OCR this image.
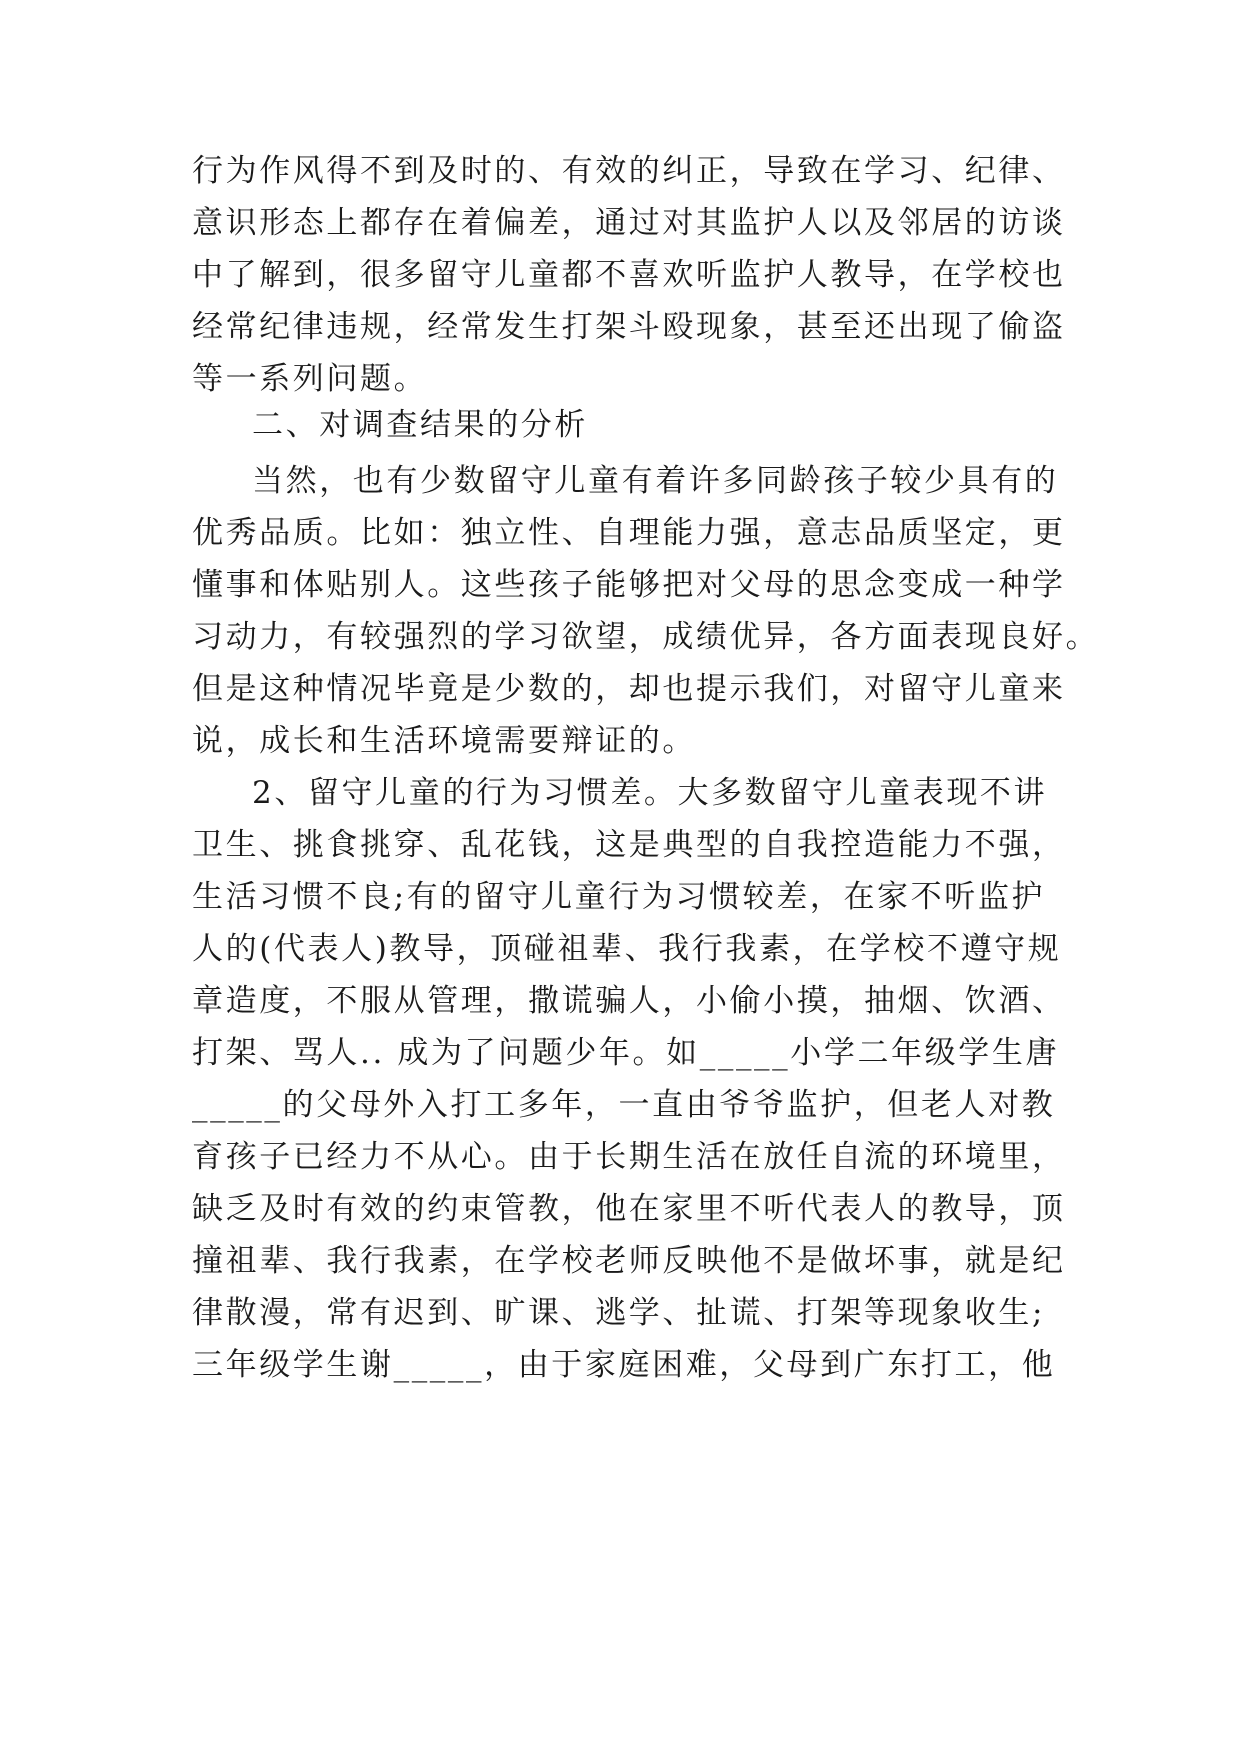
行为作风得不到及时的、有效的纠正，导致在学习、纪律、
意识形态上都存在着偏差，通过对其监护人以及邻居的访谈
中了解到，很多留守儿童都不喜欢听监护人教导，在学校也
经常纪律违规，经常发生打架斗殴现象，甚至还出现了偷盗
等一系列问题。
二、对调查结果的分析
当然，也有少数留守儿童有着许多同龄孩子较少具有的
优秀品质。比如：独立性、自理能力强，意志品质坚定，更
懂事和体贴别人。这些孩子能够把对父母的思念变成一种学
习动力，有较强烈的学习欲望，成绩优异，各方面表现良好。
但是这种情况毕竟是少数的，却也提示我们，对留守儿童来
说，成长和生活环境需要辩证的。
2、留守儿童的行为习惯差。大多数留守儿童表现不讲
卫生、挑食挑穿、乱花钱，这是典型的自我控造能力不强，
生活习惯不良;有的留守儿童行为习惯较差，在家不听监护
人的(代表人)教导，顶碰祖辈、我行我素，在学校不遵守规
章造度，不服从管理，撒谎骗人，小偷小摸，抽烟、饮酒、
打架、骂人.. 成为了问题少年。如_____小学二年级学生唐
_____的父母外入打工多年，一直由爷爷监护，但老人对教
育孩子已经力不从心。由于长期生活在放任自流的环境里，
缺乏及时有效的约束管教，他在家里不听代表人的教导，顶
撞祖辈、我行我素，在学校老师反映他不是做坏事，就是纪
律散漫，常有迟到、旷课、逃学、扯谎、打架等现象收生;
三年级学生谢_____，由于家庭困难，父母到广东打工，他
